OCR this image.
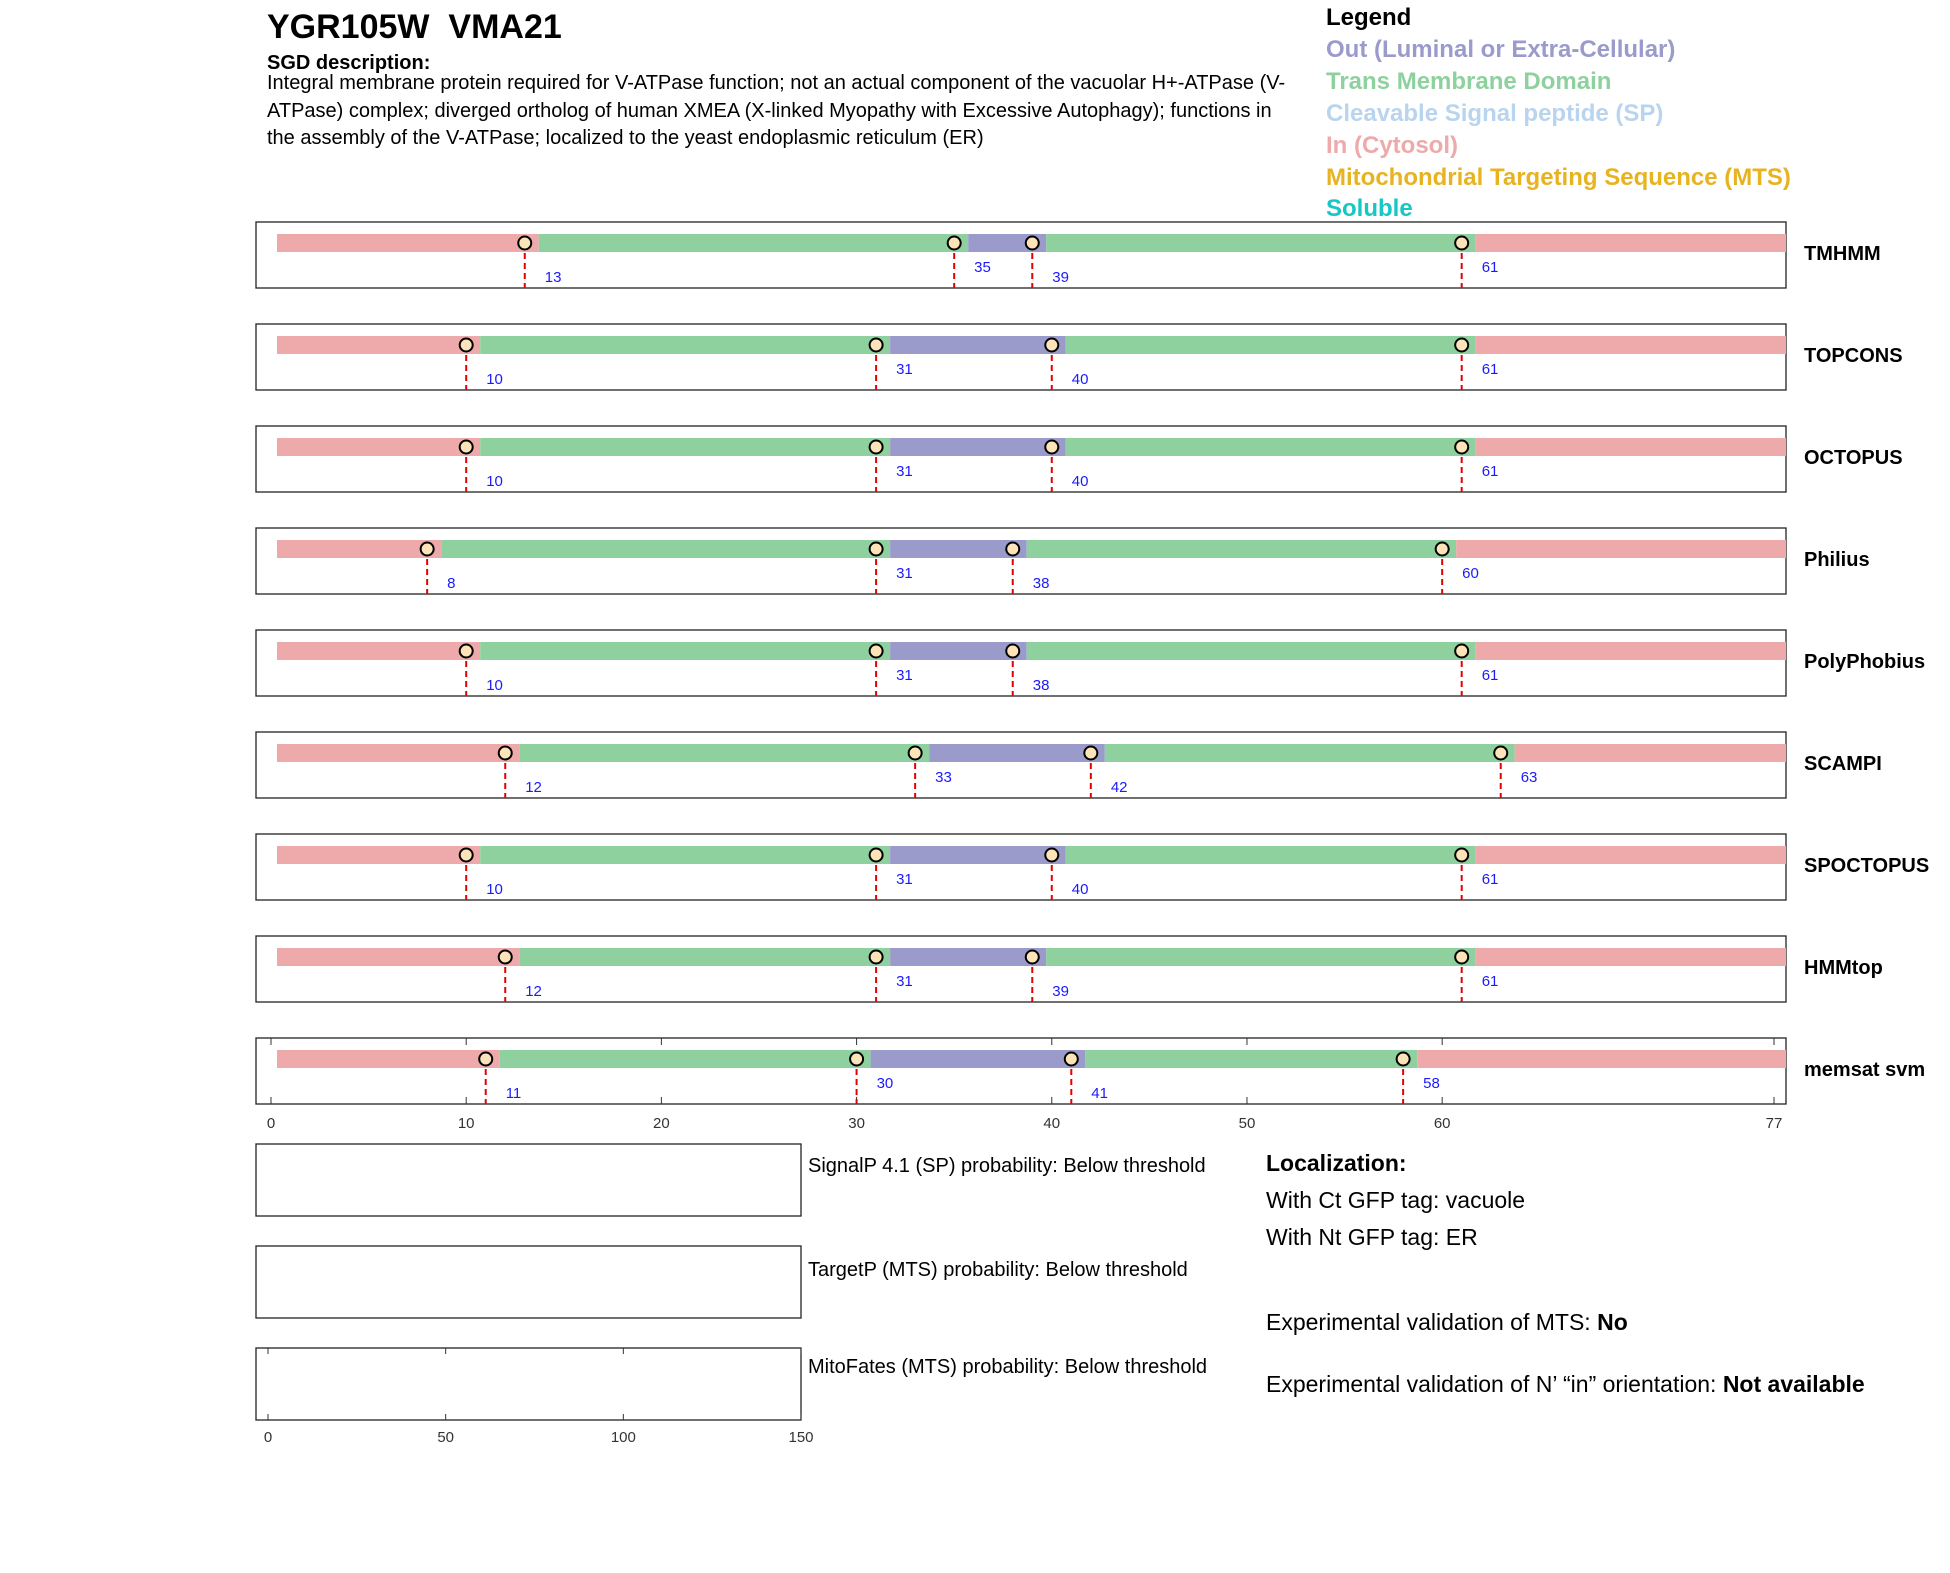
YGR105W VMA21
SGD description:
Integral membrane protein required for V-ATPase function; not an actual component of the vacuolar H+-ATPase (V-ATPase) complex; diverged ortholog of human XMEA (X-linked Myopathy with Excessive Autophagy); functions in the assembly of the V-ATPase; localized to the yeast endoplasmic reticulum (ER)
Legend
Out (Luminal or Extra-Cellular)
Trans Membrane Domain
Cleavable Signal peptide (SP)
In (Cytosol)
Mitochondrial Targeting Sequence (MTS)
Soluble
13
35
39
61
TMHMM
10
31
40
61
TOPCONS
10
31
40
61
OCTOPUS
8
31
38
60
Philius
10
31
38
61
PolyPhobius
12
33
42
63
SCAMPI
10
31
40
61
SPOCTOPUS
12
31
39
61
HMMtop
0	10	20	30	40	50	60	77
11
30
41
58
memsat svm
0	50	100	150
SignalP 4.1 (SP) probability: Below threshold
TargetP (MTS) probability: Below threshold
MitoFates (MTS) probability: Below threshold
Localization:
With Ct GFP tag: vacuole
With Nt GFP tag: ER
Experimental validation of MTS: No
Experimental validation of N’ “in” orientation: Not available
